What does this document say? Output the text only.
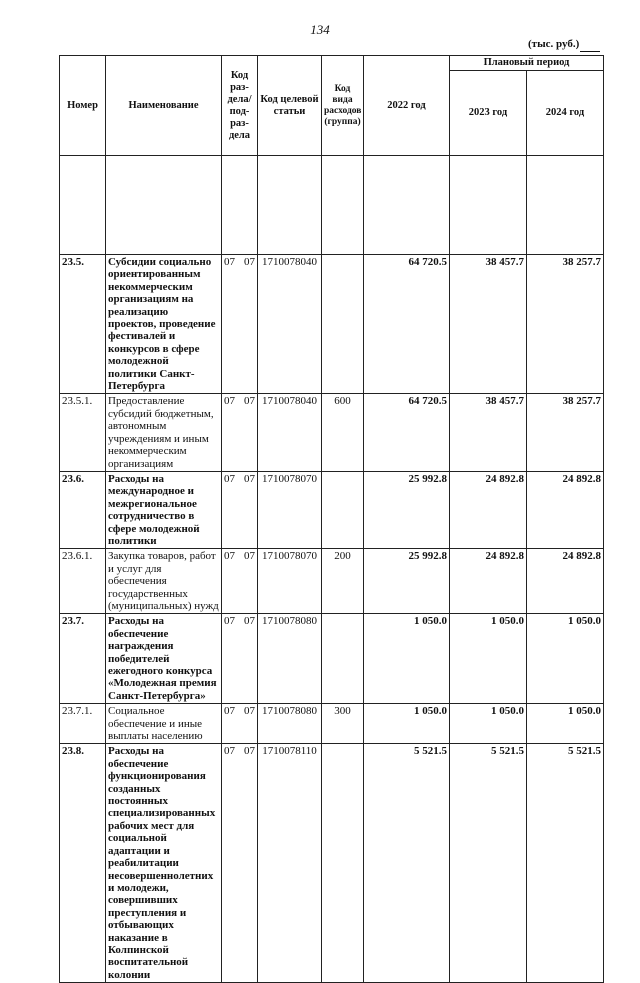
134
(тыс. руб.)
Номер	Наименование	Код раз-дела/ под-раз-дела	Код целевой статьи	Код вида расходов (группа)	2022 год	Плановый период	
						2023 год	2024 год

23.5.	Субсидии социально ориентированным некоммерческим организациям на реализацию проектов, проведение фестивалей и конкурсов в сфере молодежной политики Санкт-Петербурга	07 07	1710078040		64 720.5	38 457.7	38 257.7
23.5.1.	Предоставление субсидий бюджетным, автономным учреждениям и иным некоммерческим организациям	07 07	1710078040	600	64 720.5	38 457.7	38 257.7
23.6.	Расходы на международное и межрегиональное сотрудничество в сфере молодежной политики	07 07	1710078070		25 992.8	24 892.8	24 892.8
23.6.1.	Закупка товаров, работ и услуг для обеспечения государственных (муниципальных) нужд	07 07	1710078070	200	25 992.8	24 892.8	24 892.8
23.7.	Расходы на обеспечение награждения победителей ежегодного конкурса «Молодежная премия Санкт-Петербурга»	07 07	1710078080		1 050.0	1 050.0	1 050.0
23.7.1.	Социальное обеспечение и иные выплаты населению	07 07	1710078080	300	1 050.0	1 050.0	1 050.0
23.8.	Расходы на обеспечение функционирования созданных постоянных специализированных рабочих мест для социальной адаптации и реабилитации несовершеннолетних и молодежи, совершивших преступления и отбывающих наказание в Колпинской воспитательной колонии	07 07	1710078110		5 521.5	5 521.5	5 521.5
